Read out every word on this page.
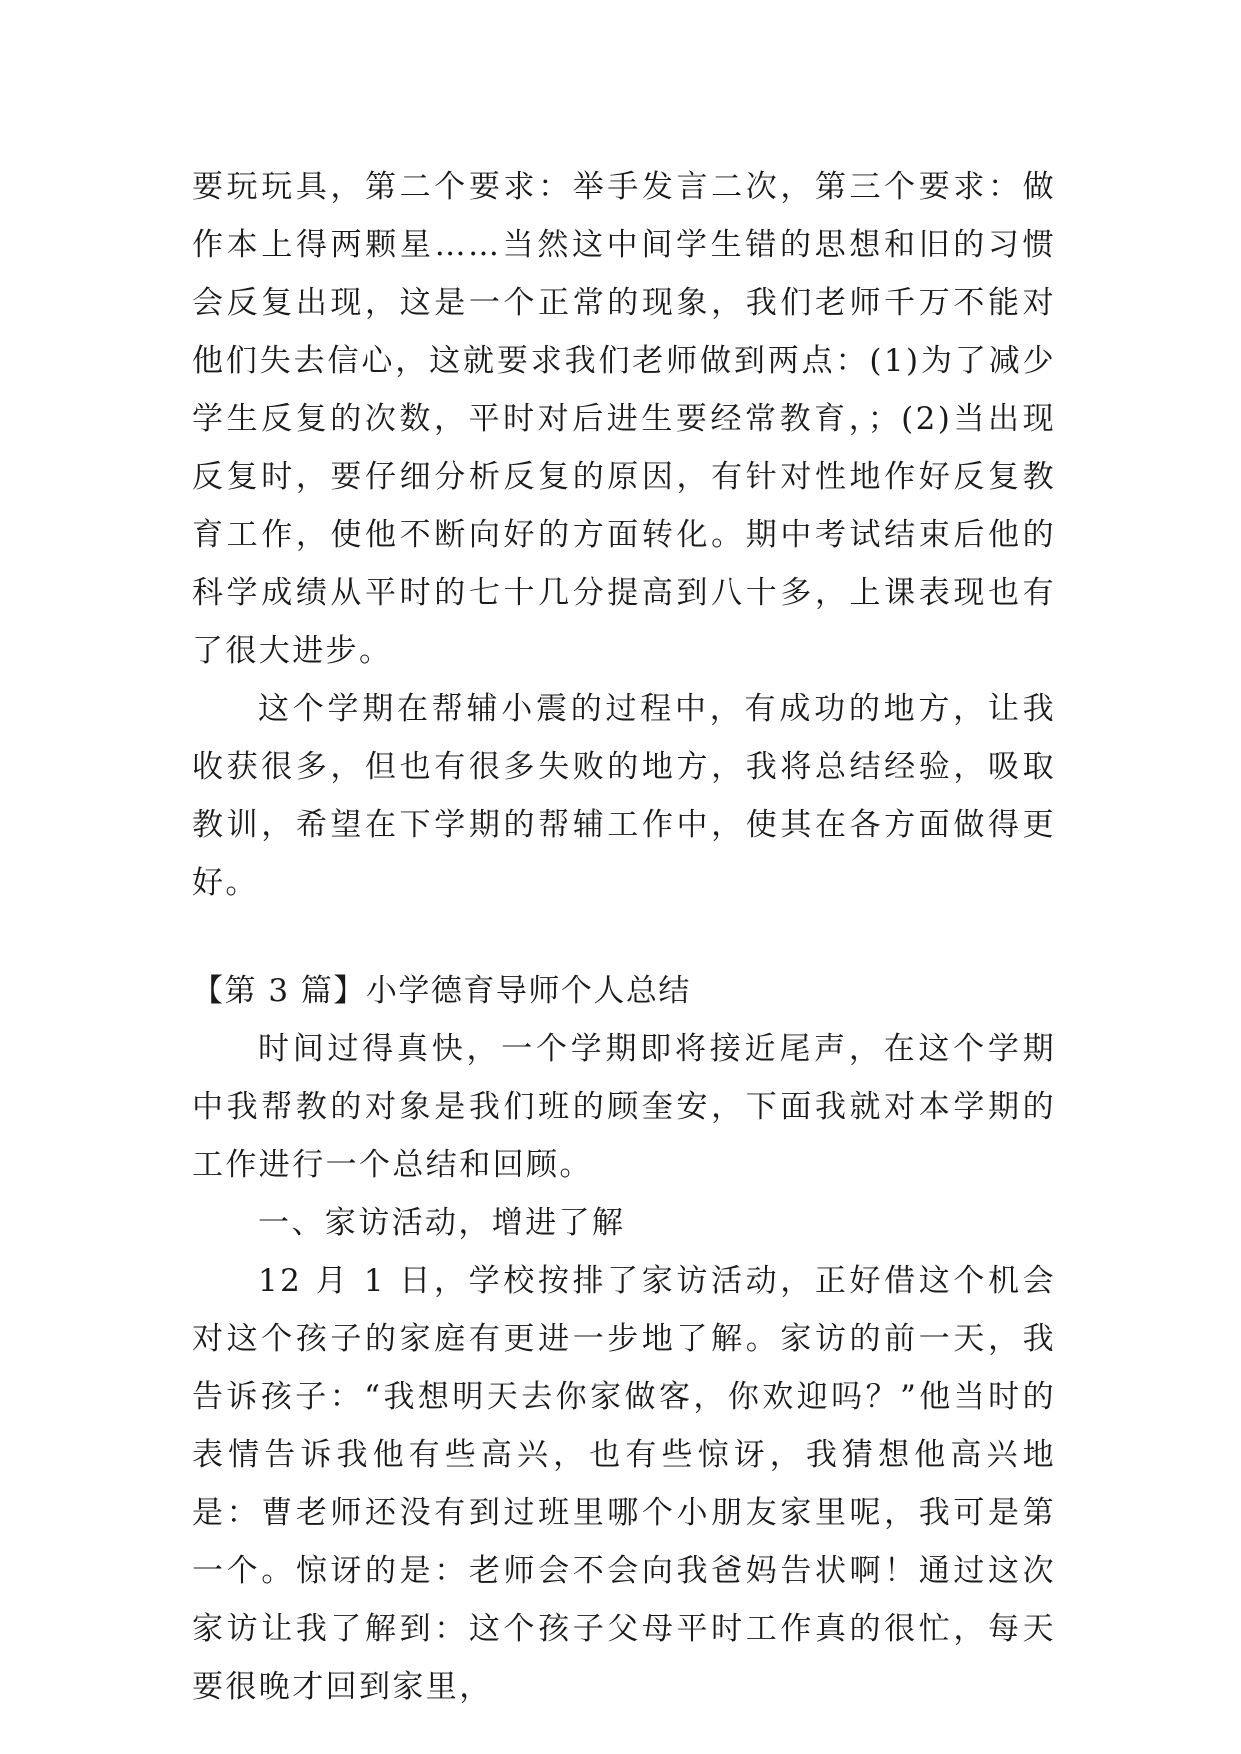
要玩玩具，第二个要求：举手发言二次，第三个要求：做作本上得两颗星……当然这中间学生错的思想和旧的习惯会反复出现，这是一个正常的现象，我们老师千万不能对他们失去信心，这就要求我们老师做到两点：(1)为了减少学生反复的次数，平时对后进生要经常教育，；(2)当出现反复时，要仔细分析反复的原因，有针对性地作好反复教育工作，使他不断向好的方面转化。期中考试结束后他的科学成绩从平时的七十几分提高到八十多，上课表现也有了很大进步。

这个学期在帮辅小震的过程中，有成功的地方，让我收获很多，但也有很多失败的地方，我将总结经验，吸取教训，希望在下学期的帮辅工作中，使其在各方面做得更好。

【第 3 篇】小学德育导师个人总结

时间过得真快，一个学期即将接近尾声，在这个学期中我帮教的对象是我们班的顾奎安，下面我就对本学期的工作进行一个总结和回顾。

一、家访活动，增进了解

12 月 1 日，学校按排了家访活动，正好借这个机会对这个孩子的家庭有更进一步地了解。家访的前一天，我告诉孩子：“我想明天去你家做客，你欢迎吗？”他当时的表情告诉我他有些高兴，也有些惊讶，我猜想他高兴地是：曹老师还没有到过班里哪个小朋友家里呢，我可是第一个。惊讶的是：老师会不会向我爸妈告状啊！通过这次家访让我了解到：这个孩子父母平时工作真的很忙，每天要很晚才回到家里，
